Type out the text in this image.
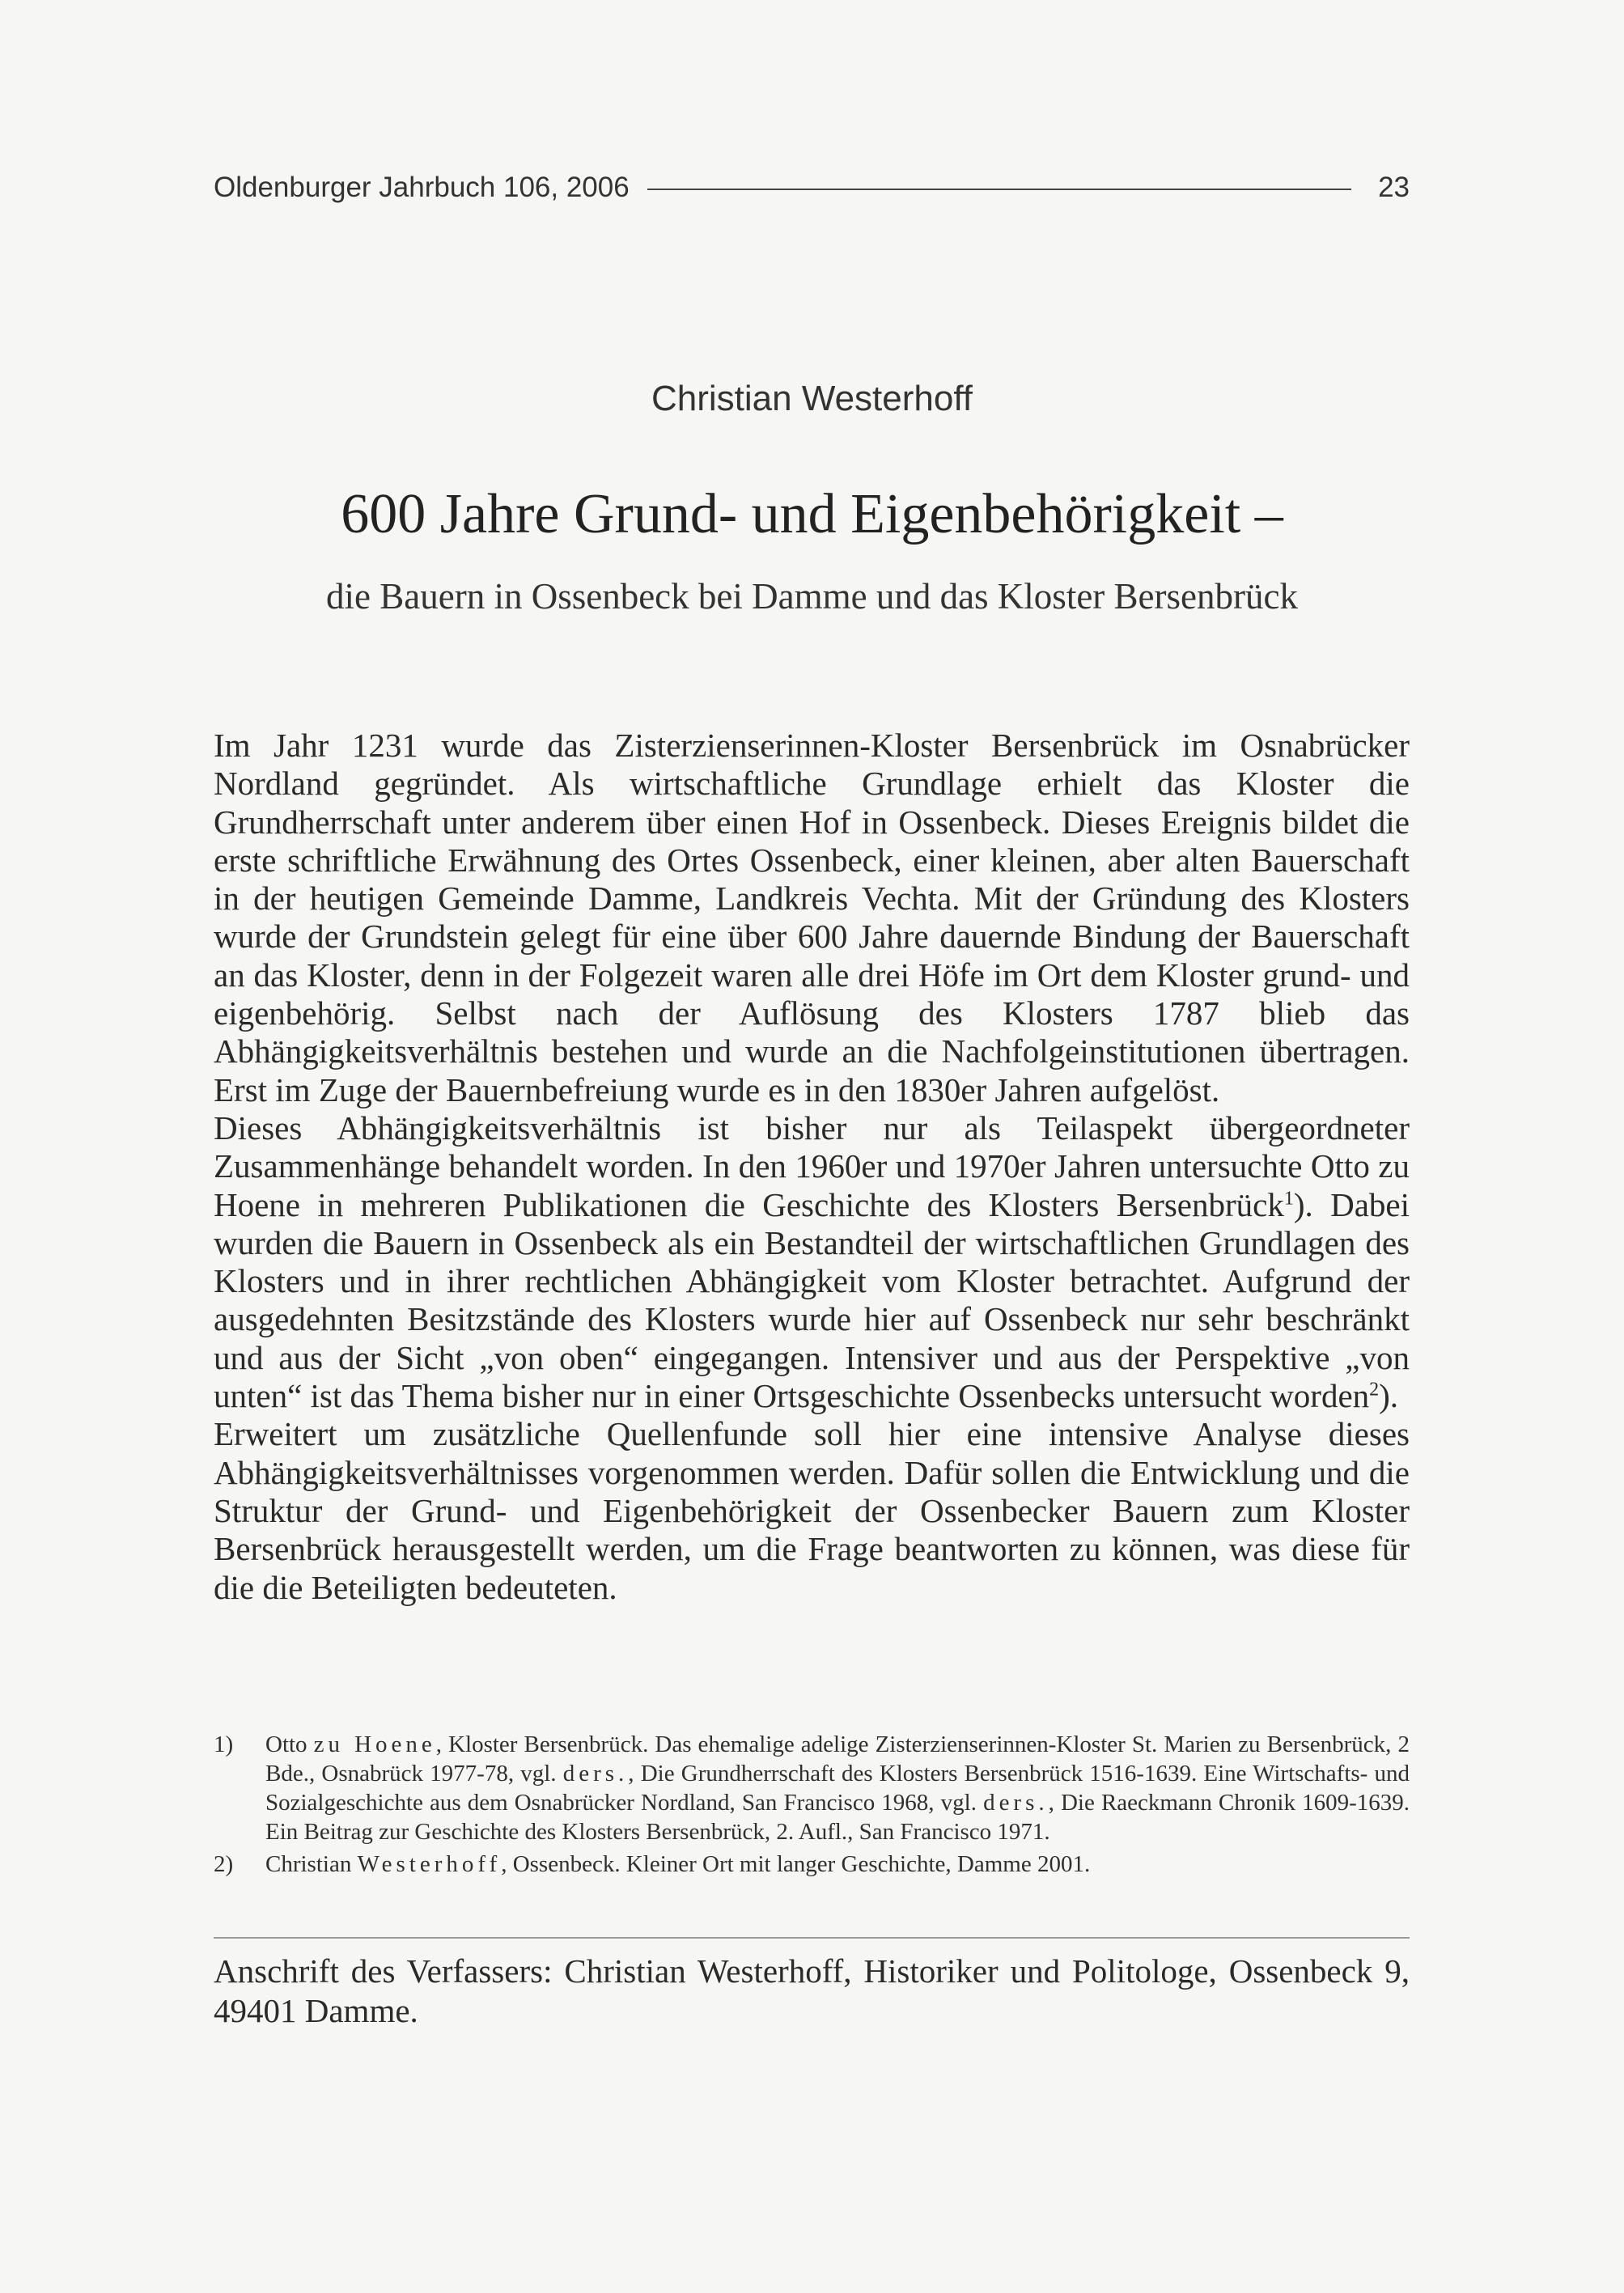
Oldenburger Jahrbuch 106, 2006	23
Christian Westerhoff
600 Jahre Grund- und Eigenbehörigkeit –
die Bauern in Ossenbeck bei Damme und das Kloster Bersenbrück

Im Jahr 1231 wurde das Zisterzienserinnen-Kloster Bersenbrück im Osnabrücker Nordland gegründet. Als wirtschaftliche Grundlage erhielt das Kloster die Grundherrschaft unter anderem über einen Hof in Ossenbeck. Dieses Ereignis bildet die erste schriftliche Erwähnung des Ortes Ossenbeck, einer kleinen, aber alten Bauerschaft in der heutigen Gemeinde Damme, Landkreis Vechta. Mit der Gründung des Klosters wurde der Grundstein gelegt für eine über 600 Jahre dauernde Bindung der Bauerschaft an das Kloster, denn in der Folgezeit waren alle drei Höfe im Ort dem Kloster grund- und eigenbehörig. Selbst nach der Auflösung des Klosters 1787 blieb das Abhängigkeitsverhältnis bestehen und wurde an die Nachfolgeinstitutionen übertragen. Erst im Zuge der Bauernbefreiung wurde es in den 1830er Jahren aufgelöst.

Dieses Abhängigkeitsverhältnis ist bisher nur als Teilaspekt übergeordneter Zusammenhänge behandelt worden. In den 1960er und 1970er Jahren untersuchte Otto zu Hoene in mehreren Publikationen die Geschichte des Klosters Bersenbrück$^1$). Dabei wurden die Bauern in Ossenbeck als ein Bestandteil der wirtschaftlichen Grundlagen des Klosters und in ihrer rechtlichen Abhängigkeit vom Kloster betrachtet. Aufgrund der ausgedehnten Besitzstände des Klosters wurde hier auf Ossenbeck nur sehr beschränkt und aus der Sicht „von oben“ eingegangen. Intensiver und aus der Perspektive „von unten“ ist das Thema bisher nur in einer Ortsgeschichte Ossenbecks untersucht worden$^2$).

Erweitert um zusätzliche Quellenfunde soll hier eine intensive Analyse dieses Abhängigkeitsverhältnisses vorgenommen werden. Dafür sollen die Entwicklung und die Struktur der Grund- und Eigenbehörigkeit der Ossenbecker Bauern zum Kloster Bersenbrück herausgestellt werden, um die Frage beantworten zu können, was diese für die die Beteiligten bedeuteten.

1)	Otto zu Hoene, Kloster Bersenbrück. Das ehemalige adelige Zisterzienserinnen-Kloster St. Marien zu Bersenbrück, 2 Bde., Osnabrück 1977-78, vgl. ders., Die Grundherrschaft des Klosters Bersenbrück 1516-1639. Eine Wirtschafts- und Sozialgeschichte aus dem Osnabrücker Nordland, San Francisco 1968, vgl. ders., Die Raeckmann Chronik 1609-1639. Ein Beitrag zur Geschichte des Klosters Bersenbrück, 2. Aufl., San Francisco 1971.
2)	Christian Westerhoff, Ossenbeck. Kleiner Ort mit langer Geschichte, Damme 2001.
Anschrift des Verfassers: Christian Westerhoff, Historiker und Politologe, Ossenbeck 9, 49401 Damme.
